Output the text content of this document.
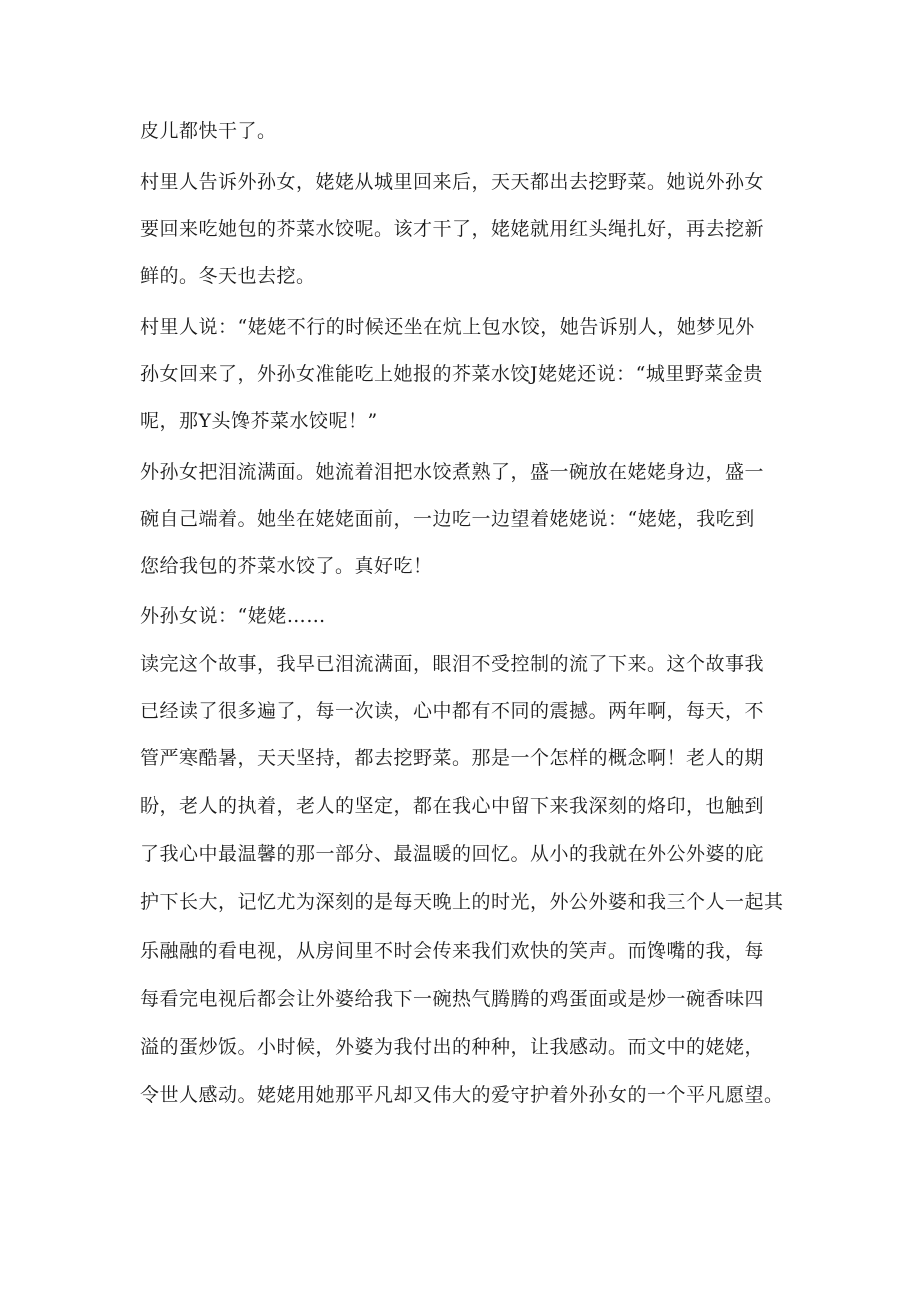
皮儿都快干了。

村里人告诉外孙女，姥姥从城里回来后，天天都出去挖野菜。她说外孙女

要回来吃她包的芥菜水饺呢。该才干了，姥姥就用红头绳扎好，再去挖新

鲜的。冬天也去挖。

村里人说：“姥姥不行的时候还坐在炕上包水饺，她告诉别人，她梦见外

孙女回来了，外孙女准能吃上她报的芥菜水饺J姥姥还说：“城里野菜金贵

呢，那Y头馋芥菜水饺呢！”

外孙女把泪流满面。她流着泪把水饺煮熟了，盛一碗放在姥姥身边，盛一

碗自己端着。她坐在姥姥面前，一边吃一边望着姥姥说：“姥姥，我吃到

您给我包的芥菜水饺了。真好吃！

外孙女说：“姥姥……

读完这个故事，我早已泪流满面，眼泪不受控制的流了下来。这个故事我

已经读了很多遍了，每一次读，心中都有不同的震撼。两年啊，每天，不

管严寒酷暑，天天坚持，都去挖野菜。那是一个怎样的概念啊！老人的期

盼，老人的执着，老人的坚定，都在我心中留下来我深刻的烙印，也触到

了我心中最温馨的那一部分、最温暖的回忆。从小的我就在外公外婆的庇

护下长大，记忆尤为深刻的是每天晚上的时光，外公外婆和我三个人一起其

乐融融的看电视，从房间里不时会传来我们欢快的笑声。而馋嘴的我，每

每看完电视后都会让外婆给我下一碗热气腾腾的鸡蛋面或是炒一碗香味四

溢的蛋炒饭。小时候，外婆为我付出的种种，让我感动。而文中的姥姥，

令世人感动。姥姥用她那平凡却又伟大的爱守护着外孙女的一个平凡愿望。
